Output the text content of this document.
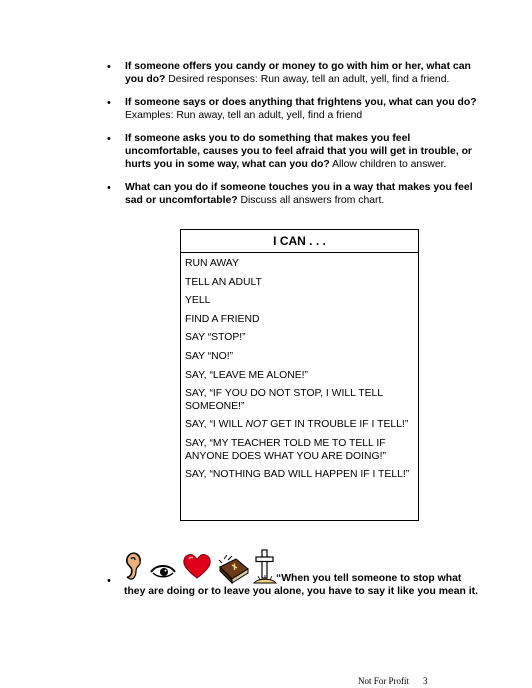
• If someone offers you candy or money to go with him or her, what can you do? Desired responses: Run away, tell an adult, yell, find a friend.
• If someone says or does anything that frightens you, what can you do? Examples: Run away, tell an adult, yell, find a friend
• If someone asks you to do something that makes you feel uncomfortable, causes you to feel afraid that you will get in trouble, or hurts you in some way, what can you do? Allow children to answer.
• What can you do if someone touches you in a way that makes you feel sad or uncomfortable? Discuss all answers from chart.
I CAN . . .
RUN AWAY
TELL AN ADULT
YELL
FIND A FRIEND
SAY “STOP!”
SAY “NO!”
SAY, “LEAVE ME ALONE!”
SAY, “IF YOU DO NOT STOP, I WILL TELL SOMEONE!”
SAY, “I WILL NOT GET IN TROUBLE IF I TELL!”
SAY, “MY TEACHER TOLD ME TO TELL IF ANYONE DOES WHAT YOU ARE DOING!”
SAY, “NOTHING BAD WILL HAPPEN IF I TELL!”
•	“When you tell someone to stop what they are doing or to leave you alone, you have to say it like you mean it.
Not For Profit 3
